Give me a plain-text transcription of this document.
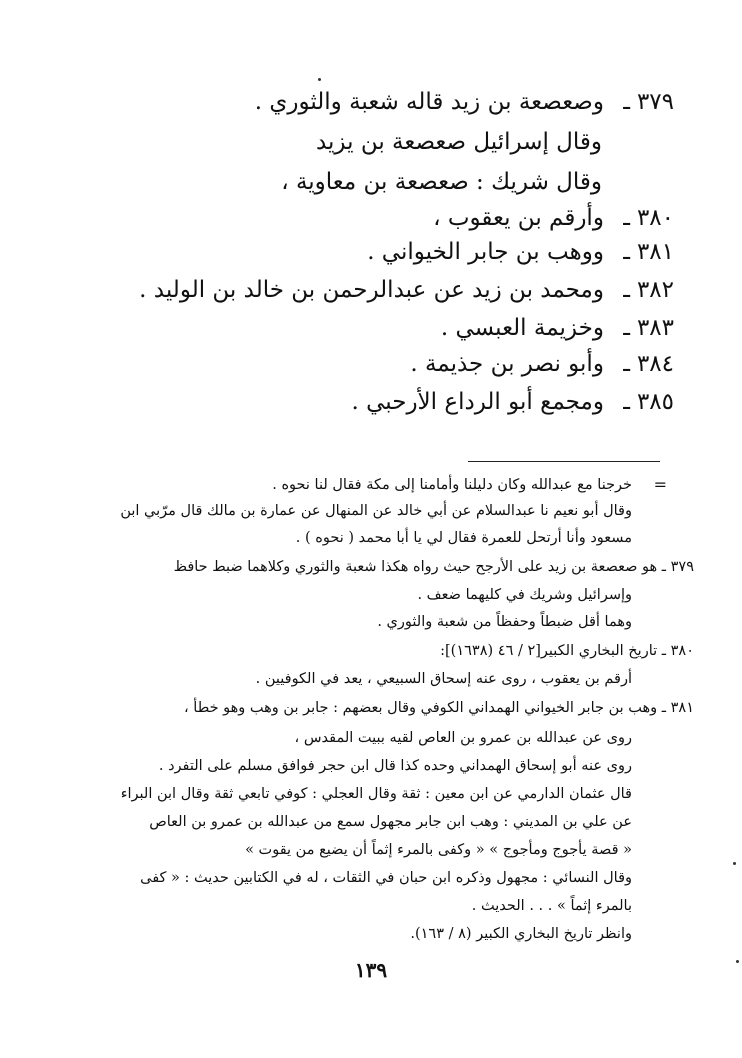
٣٧٩ـ وصعصعة بن زيد قاله شعبة والثوري .
وقال إسرائيل صعصعة بن يزيد
وقال شريك : صعصعة بن معاوية ،
٣٨٠ـ وأرقم بن يعقوب ،
٣٨١ـ ووهب بن جابر الخيواني .
٣٨٢ـ ومحمد بن زيد عن عبدالرحمن بن خالد بن الوليد .
٣٨٣ـ وخزيمة العبسي .
٣٨٤ـ وأبو نصر بن جذيمة .
٣٨٥ـ ومجمع أبو الرداع الأرحبي .
=
خرجنا مع عبدالله وكان دليلنا وأمامنا إلى مكة فقال لنا نحوه .
وقال أبو نعيم نا عبدالسلام عن أبي خالد عن المنهال عن عمارة بن مالك قال مرّبي ابن
مسعود وأنا أرتحل للعمرة فقال لي يا أبا محمد ( نحوه ) .
٣٧٩ ـ هو صعصعة بن زيد على الأرجح حيث رواه هكذا شعبة والثوري وكلاهما ضبط حافظ
وإسرائيل وشريك في كليهما ضعف .
وهما أقل ضبطاً وحفظاً من شعبة والثوري .
٣٨٠ ـ تاريخ البخاري الكبير[٢ / ٤٦ (١٦٣٨)]:
أرقم بن يعقوب ، روى عنه إسحاق السبيعي ، يعد في الكوفيين .
٣٨١ ـ وهب بن جابر الخيواني الهمداني الكوفي وقال بعضهم : جابر بن وهب وهو خطأ ،
روى عن عبدالله بن عمرو بن العاص لقيه ببيت المقدس ،
روى عنه أبو إسحاق الهمداني وحده كذا قال ابن حجر فوافق مسلم على التفرد .
قال عثمان الدارمي عن ابن معين : ثقة وقال العجلي : كوفي تابعي ثقة وقال ابن البراء
عن علي بن المديني : وهب ابن جابر مجهول سمع من عبدالله بن عمرو بن العاص
« قصة يأجوج ومأجوج » « وكفى بالمرء إثماً أن يضيع من يقوت »
وقال النسائي : مجهول وذكره ابن حبان في الثقات ، له في الكتابين حديث : « كفى
بالمرء إثماً » . . . الحديث .
وانظر تاريخ البخاري الكبير (٨ / ١٦٣).
١٣٩
